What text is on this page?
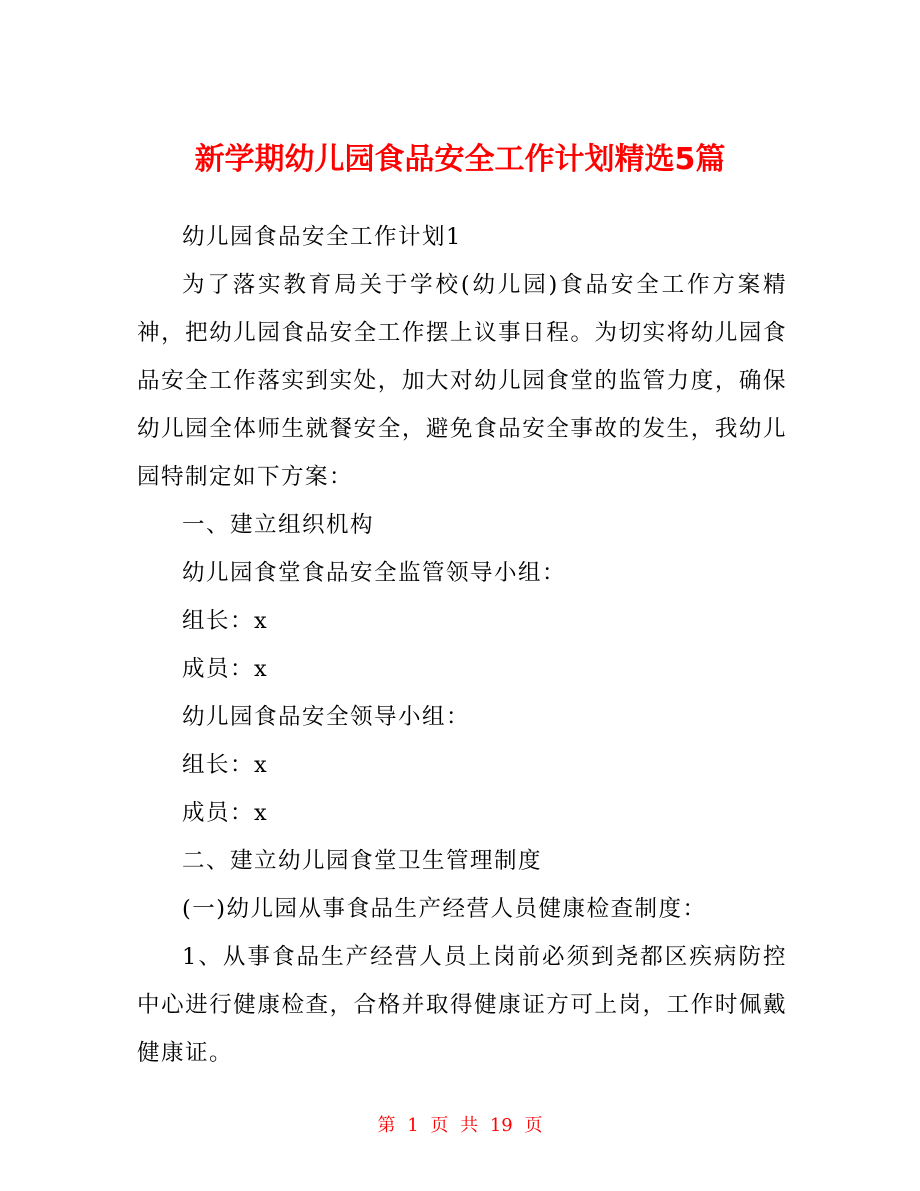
新学期幼儿园食品安全工作计划精选5篇

幼儿园食品安全工作计划1

为了落实教育局关于学校(幼儿园)食品安全工作方案精神，把幼儿园食品安全工作摆上议事日程。为切实将幼儿园食品安全工作落实到实处，加大对幼儿园食堂的监管力度，确保幼儿园全体师生就餐安全，避免食品安全事故的发生，我幼儿园特制定如下方案：

一、建立组织机构

幼儿园食堂食品安全监管领导小组：

组长：x

成员：x

幼儿园食品安全领导小组：

组长：x

成员：x

二、建立幼儿园食堂卫生管理制度

(一)幼儿园从事食品生产经营人员健康检查制度：

1、从事食品生产经营人员上岗前必须到尧都区疾病防控中心进行健康检查，合格并取得健康证方可上岗，工作时佩戴健康证。

第 1 页 共 19 页
